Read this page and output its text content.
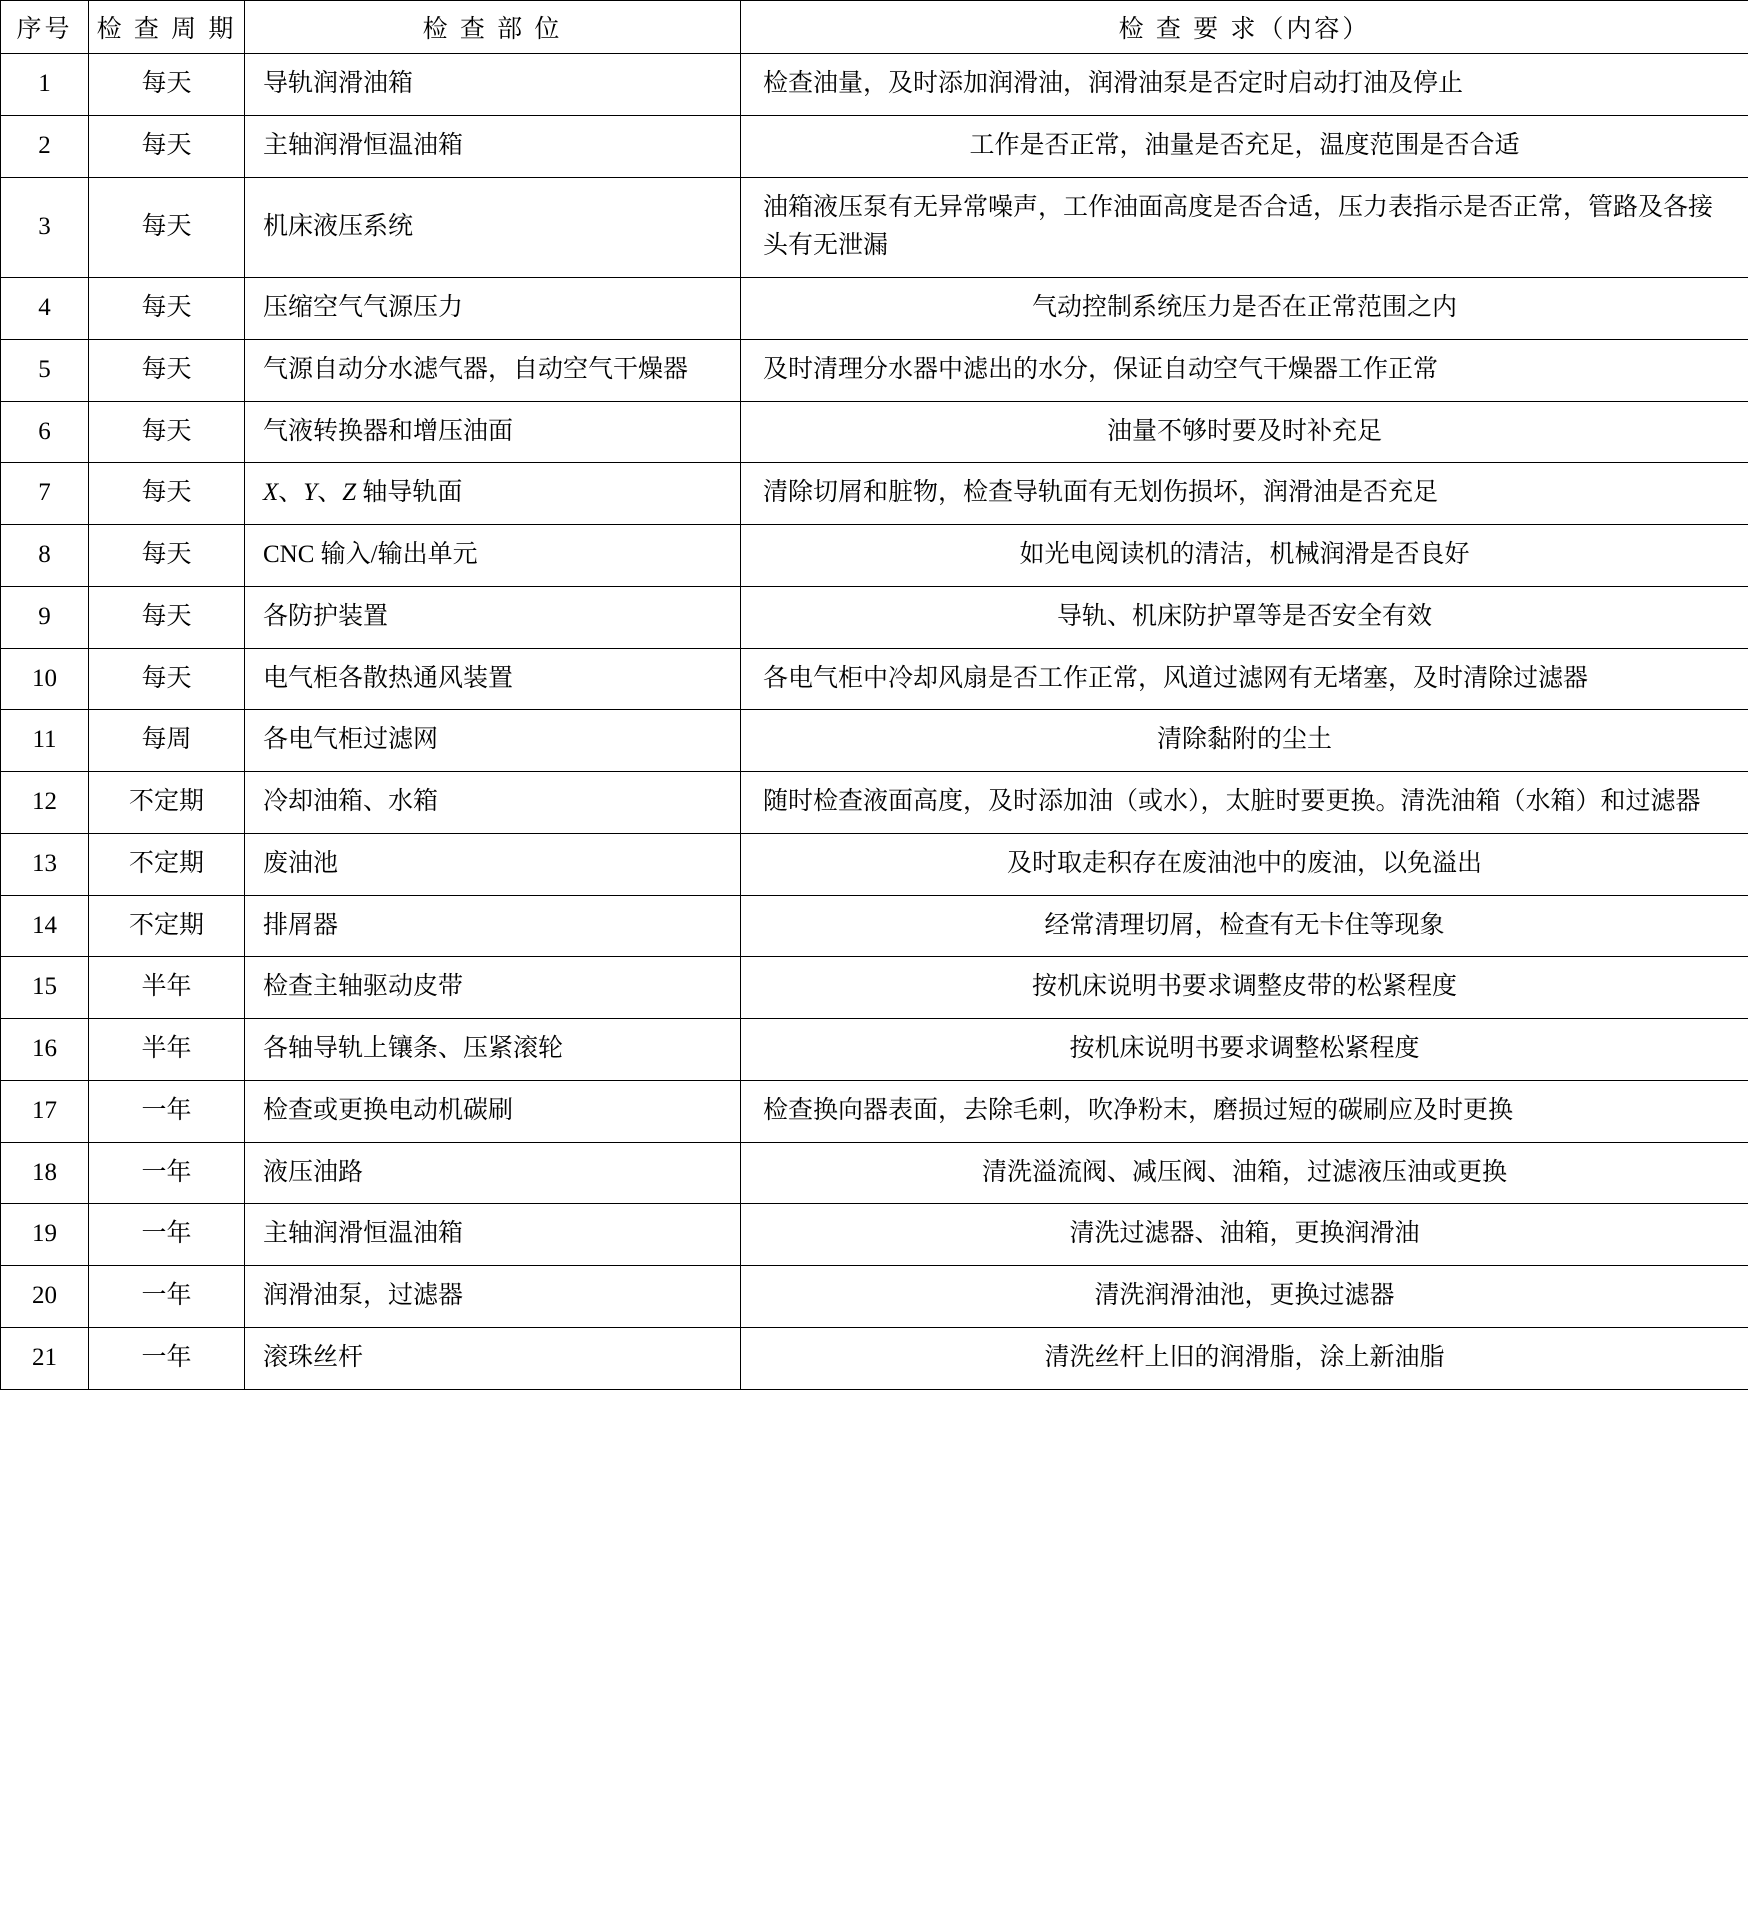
序号	检 查 周 期	检 查 部 位	检 查 要 求（内容）

1	每天	导轨润滑油箱	检查油量，及时添加润滑油，润滑油泵是否定时启动打油及停止

2	每天	主轴润滑恒温油箱	工作是否正常，油量是否充足，温度范围是否合适

3	每天	机床液压系统	油箱液压泵有无异常噪声，工作油面高度是否合适，压力表指示是否正常，管路及各接头有无泄漏

4	每天	压缩空气气源压力	气动控制系统压力是否在正常范围之内

5	每天	气源自动分水滤气器，自动空气干燥器	及时清理分水器中滤出的水分，保证自动空气干燥器工作正常

6	每天	气液转换器和增压油面	油量不够时要及时补充足

7	每天	X、Y、Z 轴导轨面	清除切屑和脏物，检查导轨面有无划伤损坏，润滑油是否充足

8	每天	CNC 输入/输出单元	如光电阅读机的清洁，机械润滑是否良好

9	每天	各防护装置	导轨、机床防护罩等是否安全有效

10	每天	电气柜各散热通风装置	各电气柜中冷却风扇是否工作正常，风道过滤网有无堵塞，及时清除过滤器

11	每周	各电气柜过滤网	清除黏附的尘土

12	不定期	冷却油箱、水箱	随时检查液面高度，及时添加油（或水），太脏时要更换。清洗油箱（水箱）和过滤器

13	不定期	废油池	及时取走积存在废油池中的废油，以免溢出

14	不定期	排屑器	经常清理切屑，检查有无卡住等现象

15	半年	检查主轴驱动皮带	按机床说明书要求调整皮带的松紧程度

16	半年	各轴导轨上镶条、压紧滚轮	按机床说明书要求调整松紧程度

17	一年	检查或更换电动机碳刷	检查换向器表面，去除毛刺，吹净粉末，磨损过短的碳刷应及时更换

18	一年	液压油路	清洗溢流阀、减压阀、油箱，过滤液压油或更换

19	一年	主轴润滑恒温油箱	清洗过滤器、油箱，更换润滑油

20	一年	润滑油泵，过滤器	清洗润滑油池，更换过滤器

21	一年	滚珠丝杆	清洗丝杆上旧的润滑脂，涂上新油脂
